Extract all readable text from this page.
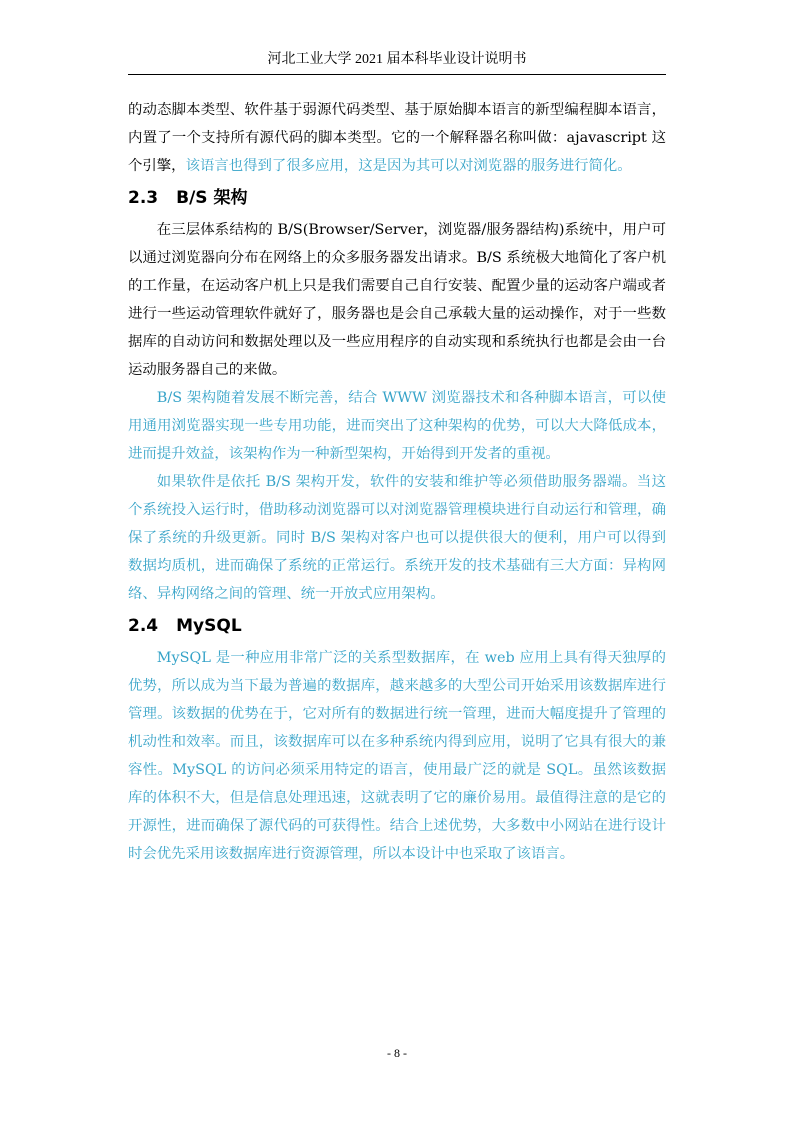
河北工业大学 2021 届本科毕业设计说明书

的动态脚本类型、软件基于弱源代码类型、基于原始脚本语言的新型编程脚本语言，内置了一个支持所有源代码的脚本类型。它的一个解释器名称叫做：ajavascript 这个引擎，该语言也得到了很多应用，这是因为其可以对浏览器的服务进行简化。

2.3 B/S 架构

在三层体系结构的 B/S(Browser/Server，浏览器/服务器结构)系统中，用户可以通过浏览器向分布在网络上的众多服务器发出请求。B/S 系统极大地简化了客户机的工作量，在运动客户机上只是我们需要自己自行安装、配置少量的运动客户端或者进行一些运动管理软件就好了，服务器也是会自己承载大量的运动操作，对于一些数据库的自动访问和数据处理以及一些应用程序的自动实现和系统执行也都是会由一台运动服务器自己的来做。

B/S 架构随着发展不断完善，结合 WWW 浏览器技术和各种脚本语言，可以使用通用浏览器实现一些专用功能，进而突出了这种架构的优势，可以大大降低成本，进而提升效益，该架构作为一种新型架构，开始得到开发者的重视。

如果软件是依托 B/S 架构开发，软件的安装和维护等必须借助服务器端。当这个系统投入运行时，借助移动浏览器可以对浏览器管理模块进行自动运行和管理，确保了系统的升级更新。同时 B/S 架构对客户也可以提供很大的便利，用户可以得到数据均质机，进而确保了系统的正常运行。系统开发的技术基础有三大方面：异构网络、异构网络之间的管理、统一开放式应用架构。

2.4 MySQL

MySQL 是一种应用非常广泛的关系型数据库，在 web 应用上具有得天独厚的优势，所以成为当下最为普遍的数据库，越来越多的大型公司开始采用该数据库进行管理。该数据的优势在于，它对所有的数据进行统一管理，进而大幅度提升了管理的机动性和效率。而且，该数据库可以在多种系统内得到应用，说明了它具有很大的兼容性。MySQL 的访问必须采用特定的语言，使用最广泛的就是 SQL。虽然该数据库的体积不大，但是信息处理迅速，这就表明了它的廉价易用。最值得注意的是它的开源性，进而确保了源代码的可获得性。结合上述优势，大多数中小网站在进行设计时会优先采用该数据库进行资源管理，所以本设计中也采取了该语言。

- 8 -
